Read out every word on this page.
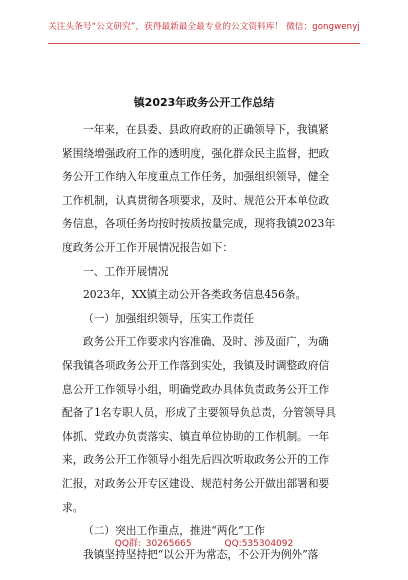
关注头条号“公文研究”，获得最新最全最专业的公文资料库！ 微信：gongwenyj
镇2023年政务公开工作总结
一年来，在县委、县政府政府的正确领导下，我镇紧
紧围绕增强政府工作的透明度，强化群众民主监督，把政
务公开工作纳入年度重点工作任务，加强组织领导，健全
工作机制，认真贯彻各项要求，及时、规范公开本单位政
务信息，各项任务均按时按质按量完成，现将我镇2023年
度政务公开工作开展情况报告如下：
一、工作开展情况
2023年，XX镇主动公开各类政务信息456条。
（一）加强组织领导，压实工作责任
政务公开工作要求内容准确、及时、涉及面广，为确
保我镇各项政务公开工作落到实处，我镇及时调整政府信
息公开工作领导小组，明确党政办具体负责政务公开工作
配备了1名专职人员，形成了主要领导负总责，分管领导具
体抓、党政办负责落实、镇直单位协助的工作机制。一年
来，政务公开工作领导小组先后四次听取政务公开的工作
汇报，对政务公开专区建设、规范村务公开做出部署和要
求。
（二）突出工作重点，推进“两化”工作
我镇坚持坚持把“以公开为常态，不公开为例外”落
QQ群: 30265665	QQ:535304092
